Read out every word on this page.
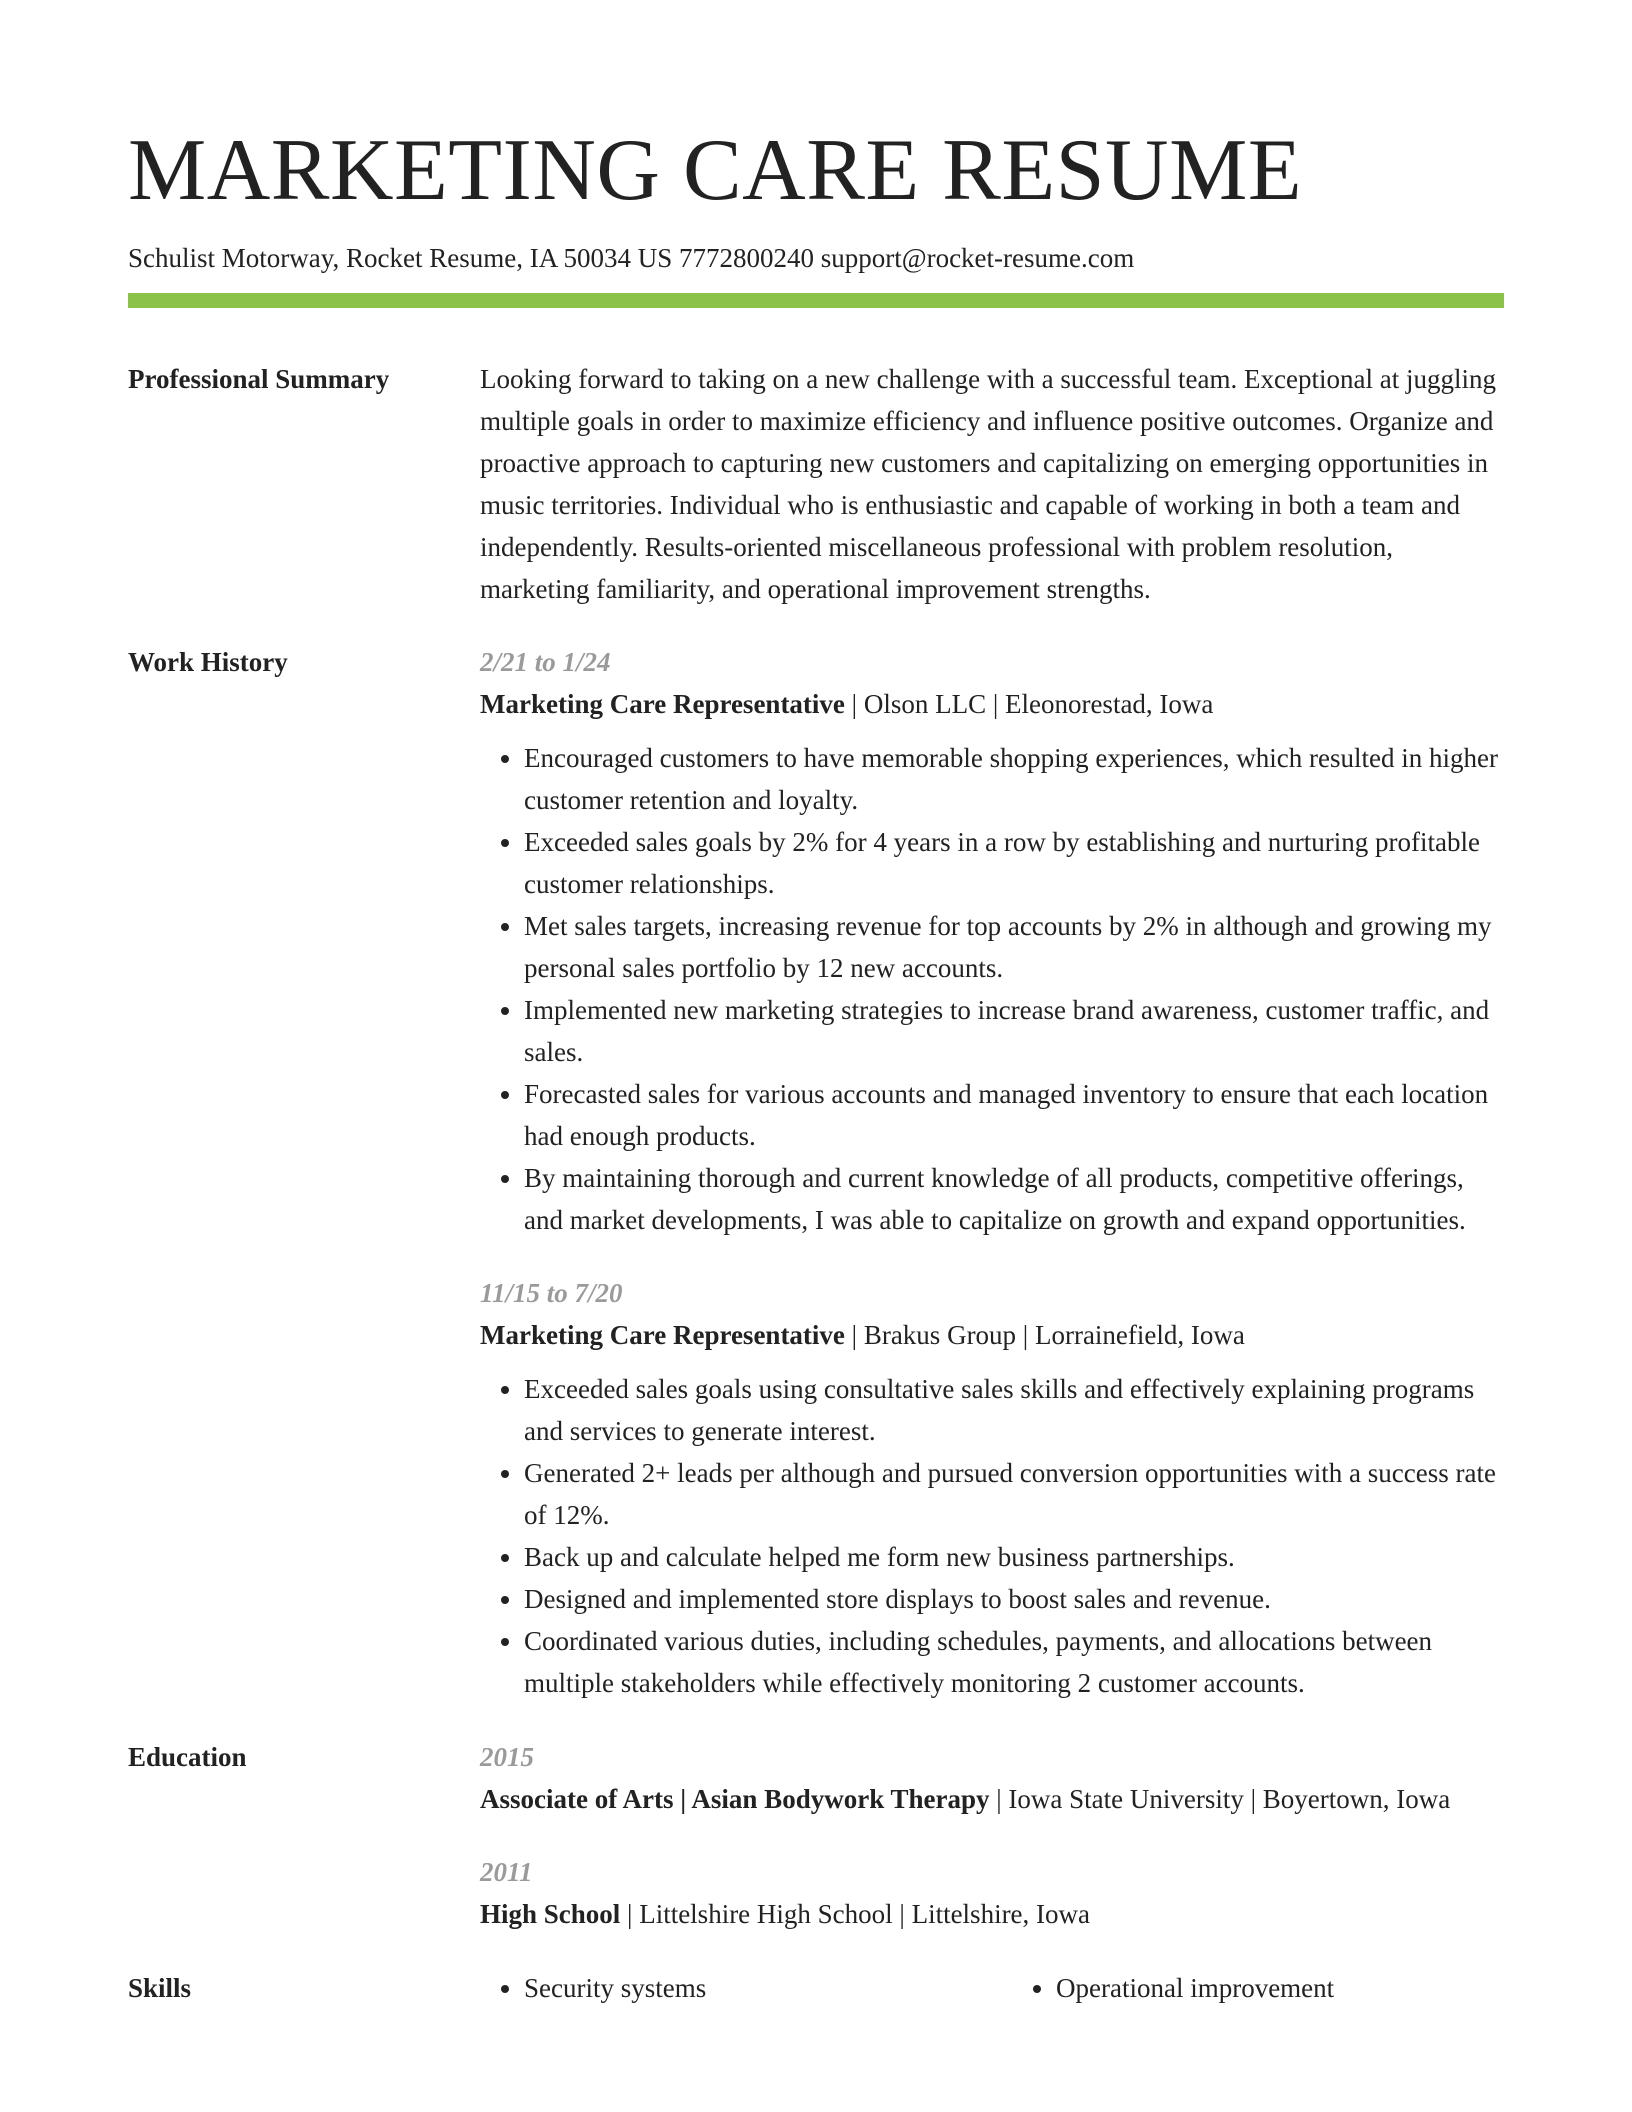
MARKETING CARE RESUME
Schulist Motorway, Rocket Resume, IA 50034 US 7772800240 support@rocket-resume.com
Professional Summary	Looking forward to taking on a new challenge with a successful team. Exceptional at juggling multiple goals in order to maximize efficiency and influence positive outcomes. Organize and proactive approach to capturing new customers and capitalizing on emerging opportunities in music territories. Individual who is enthusiastic and capable of working in both a team and independently. Results-oriented miscellaneous professional with problem resolution, marketing familiarity, and operational improvement strengths.
Work History	2/21 to 1/24
Marketing Care Representative | Olson LLC | Eleonorestad, Iowa
• Encouraged customers to have memorable shopping experiences, which resulted in higher customer retention and loyalty.
• Exceeded sales goals by 2% for 4 years in a row by establishing and nurturing profitable customer relationships.
• Met sales targets, increasing revenue for top accounts by 2% in although and growing my personal sales portfolio by 12 new accounts.
• Implemented new marketing strategies to increase brand awareness, customer traffic, and sales.
• Forecasted sales for various accounts and managed inventory to ensure that each location had enough products.
• By maintaining thorough and current knowledge of all products, competitive offerings, and market developments, I was able to capitalize on growth and expand opportunities.
11/15 to 7/20
Marketing Care Representative | Brakus Group | Lorrainefield, Iowa
• Exceeded sales goals using consultative sales skills and effectively explaining programs and services to generate interest.
• Generated 2+ leads per although and pursued conversion opportunities with a success rate of 12%.
• Back up and calculate helped me form new business partnerships.
• Designed and implemented store displays to boost sales and revenue.
• Coordinated various duties, including schedules, payments, and allocations between multiple stakeholders while effectively monitoring 2 customer accounts.
Education	2015
Associate of Arts | Asian Bodywork Therapy | Iowa State University | Boyertown, Iowa
2011
High School | Littelshire High School | Littelshire, Iowa
Skills	• Security systems	• Operational improvement
